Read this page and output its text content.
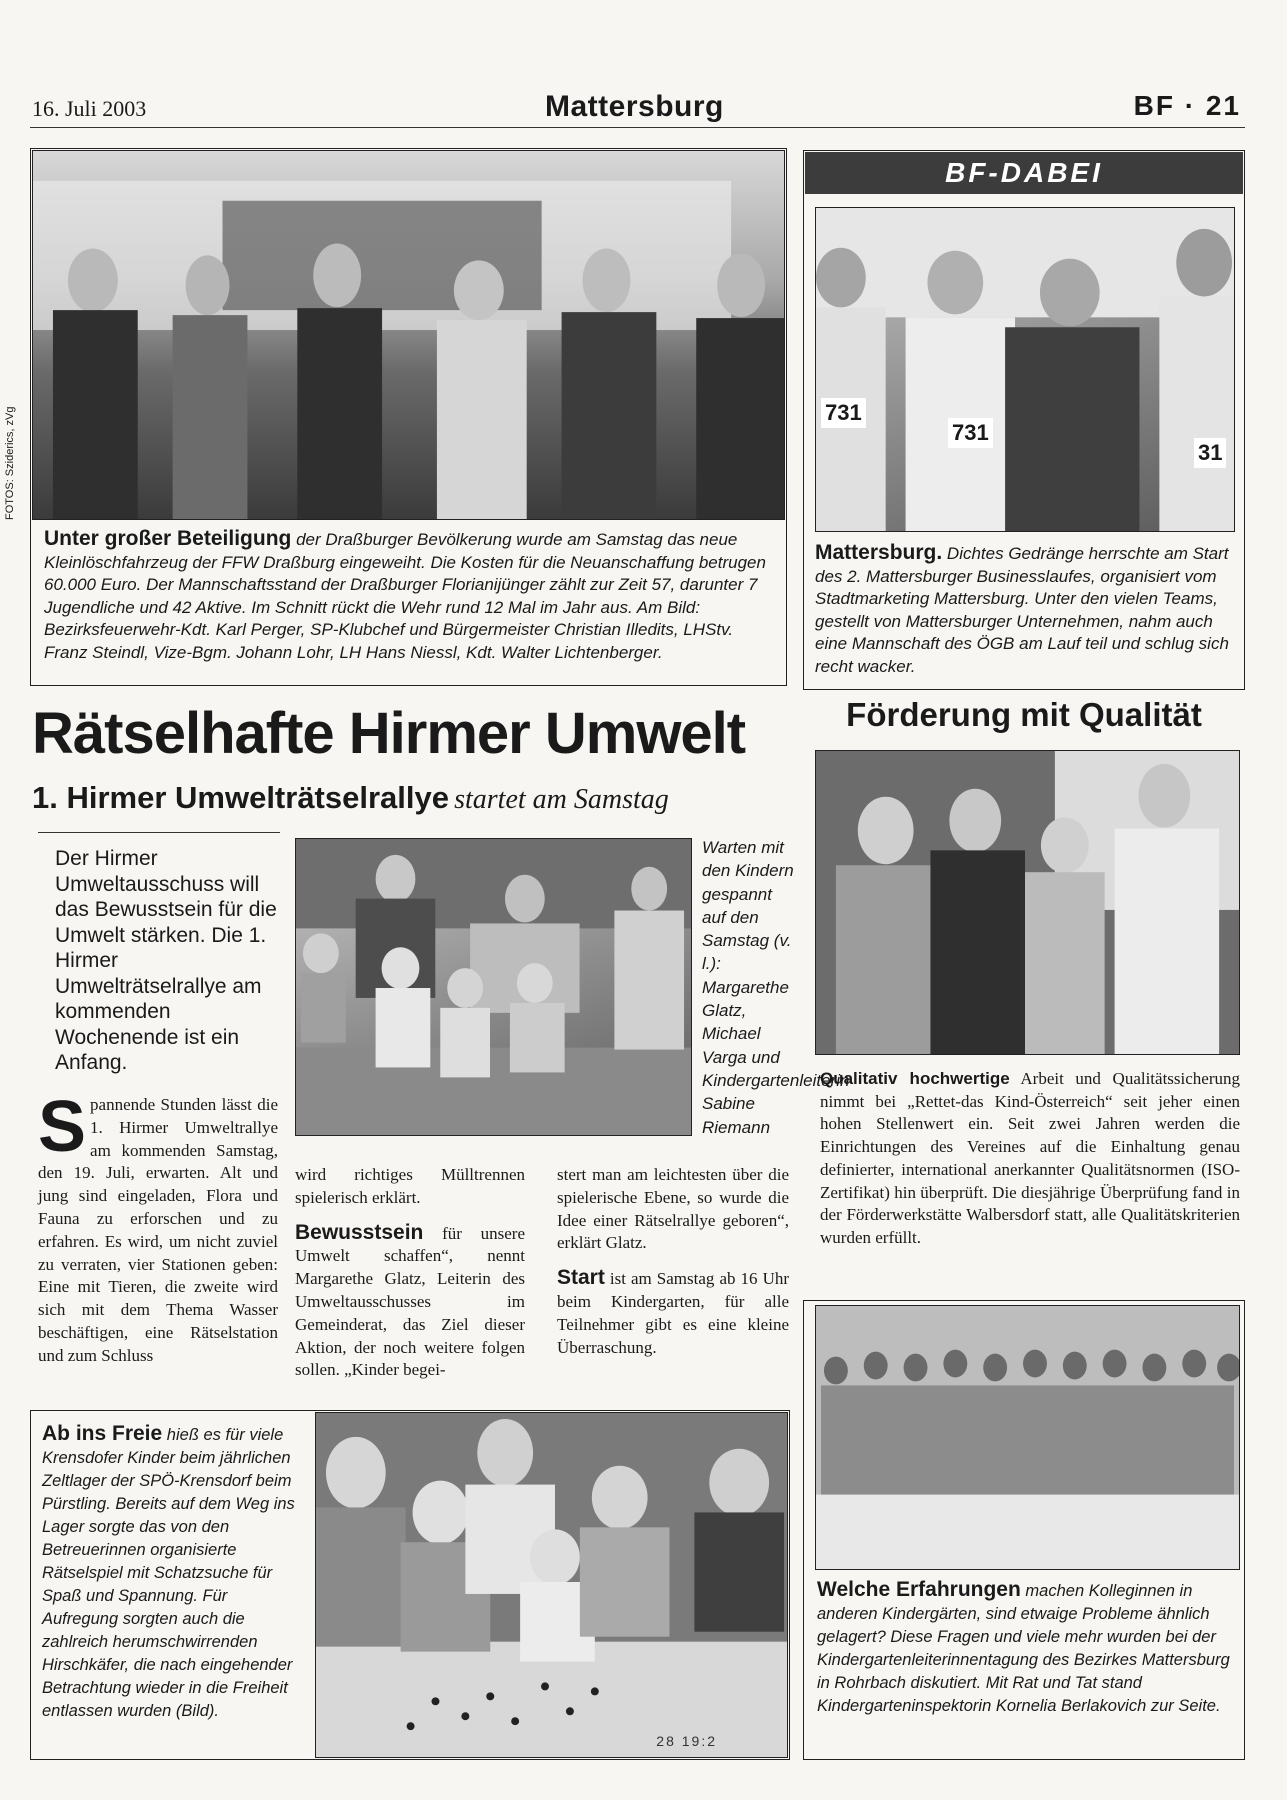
16. Juli 2003	Mattersburg	BF · 21
FOTOS: Sziderics, zVg
Unter großer Beteiligung der Draßburger Bevölkerung wurde am Samstag das neue Kleinlöschfahrzeug der FFW Draßburg eingeweiht. Die Kosten für die Neuanschaffung betrugen 60.000 Euro. Der Mannschaftsstand der Draßburger Florianijünger zählt zur Zeit 57, darunter 7 Jugendliche und 42 Aktive. Im Schnitt rückt die Wehr rund 12 Mal im Jahr aus. Am Bild: Bezirksfeuerwehr-Kdt. Karl Perger, SP-Klubchef und Bürgermeister Christian Illedits, LHStv. Franz Steindl, Vize-Bgm. Johann Lohr, LH Hans Niessl, Kdt. Walter Lichtenberger.
BF-DABEI
731
731
31
Mattersburg. Dichtes Gedränge herrschte am Start des 2. Mattersburger Businesslaufes, organisiert vom Stadtmarketing Mattersburg. Unter den vielen Teams, gestellt von Mattersburger Unternehmen, nahm auch eine Mannschaft des ÖGB am Lauf teil und schlug sich recht wacker.
Rätselhafte Hirmer Umwelt
1. Hirmer Umwelträtselrallye startet am Samstag
Der Hirmer Umweltausschuss will das Bewusstsein für die Umwelt stärken. Die 1. Hirmer Umwelträtselrallye am kommenden Wochenende ist ein Anfang.
Warten mit den Kindern gespannt auf den Samstag (v. l.): Margarethe Glatz, Michael Varga und Kindergartenleiterin Sabine Riemann
S pannende Stunden lässt die 1. Hirmer Umweltrallye am kommenden Samstag, den 19. Juli, erwarten. Alt und jung sind eingeladen, Flora und Fauna zu erforschen und zu erfahren. Es wird, um nicht zuviel zu verraten, vier Stationen geben: Eine mit Tieren, die zweite wird sich mit dem Thema Wasser beschäftigen, eine Rätselstation und zum Schluss

wird richtiges Mülltrennen spielerisch erklärt.

Bewusstsein für unsere Umwelt schaffen“, nennt Margarethe Glatz, Leiterin des Umweltausschusses im Gemeinderat, das Ziel dieser Aktion, der noch weitere folgen sollen. „Kinder begei-

stert man am leichtesten über die spielerische Ebene, so wurde die Idee einer Rätselrallye geboren“, erklärt Glatz.

Start ist am Samstag ab 16 Uhr beim Kindergarten, für alle Teilnehmer gibt es eine kleine Überraschung.

Ab ins Freie hieß es für viele Krensdofer Kinder beim jährlichen Zeltlager der SPÖ-Krensdorf beim Pürstling. Bereits auf dem Weg ins Lager sorgte das von den Betreuerinnen organisierte Rätselspiel mit Schatzsuche für Spaß und Spannung. Für Aufregung sorgten auch die zahlreich herumschwirrenden Hirschkäfer, die nach eingehender Betrachtung wieder in die Freiheit entlassen wurden (Bild).
28 19:2
Förderung mit Qualität
Qualitativ hochwertige Arbeit und Qualitätssicherung nimmt bei „Rettet-das Kind-Österreich“ seit jeher einen hohen Stellenwert ein. Seit zwei Jahren werden die Einrichtungen des Vereines auf die Einhaltung genau definierter, international anerkannter Qualitätsnormen (ISO-Zertifikat) hin überprüft. Die diesjährige Überprüfung fand in der Förderwerkstätte Walbersdorf statt, alle Qualitätskriterien wurden erfüllt.
Welche Erfahrungen machen Kolleginnen in anderen Kindergärten, sind etwaige Probleme ähnlich gelagert? Diese Fragen und viele mehr wurden bei der Kindergartenleiterinnentagung des Bezirkes Mattersburg in Rohrbach diskutiert. Mit Rat und Tat stand Kindergarteninspektorin Kornelia Berlakovich zur Seite.
